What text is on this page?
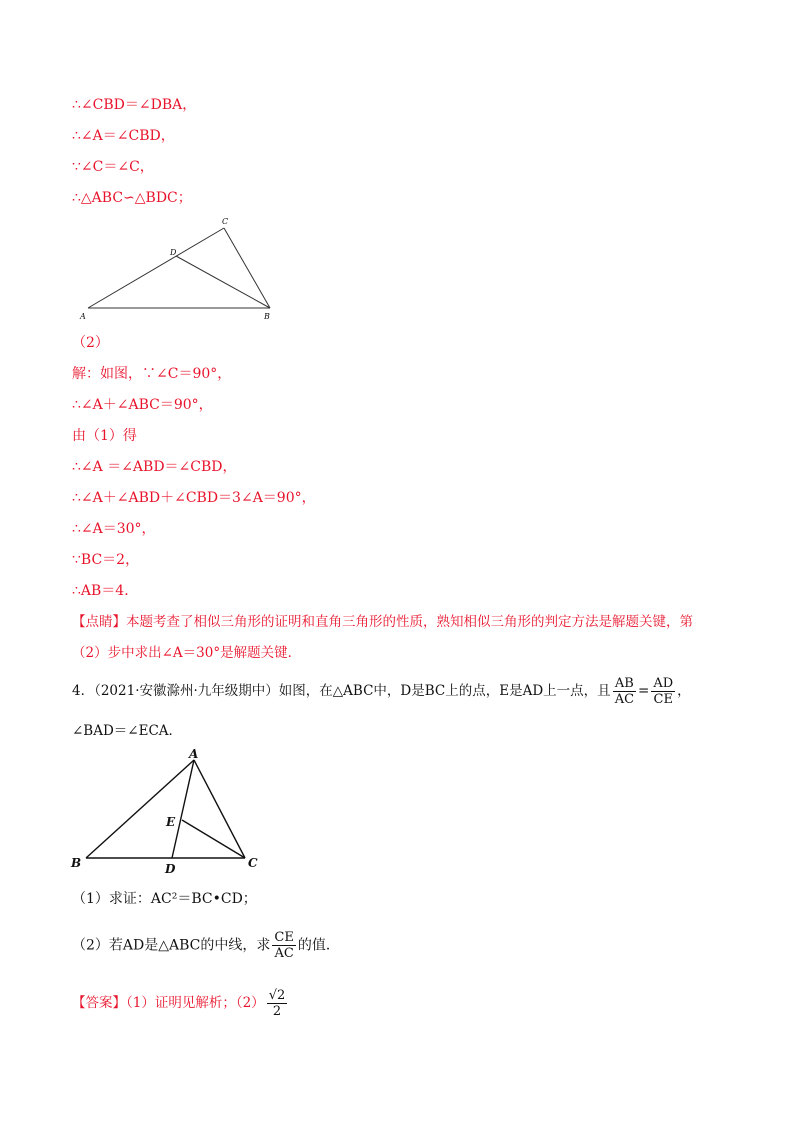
∴∠CBD＝∠DBA，
∴∠A＝∠CBD，
∵∠C＝∠C，
∴△ABC∽△BDC；
A	B
C
D
（2）
解：如图，∵∠C＝90°，
∴∠A＋∠ABC＝90°，
由（1）得
∴∠A ＝∠ABD＝∠CBD，
∴∠A＋∠ABD＋∠CBD＝3∠A＝90°，
∴∠A＝30°，
∵BC＝2，
∴AB＝4．
【点睛】本题考查了相似三角形的证明和直角三角形的性质，熟知相似三角形的判定方法是解题关键，第
（2）步中求出∠A＝30°是解题关键．
4．（2021·安徽滁州·九年级期中）如图，在△ABC中，D是BC上的点，E是AD上一点，且 $\frac{AB}{AC} = \frac{AD}{CE}$ ，
∠BAD＝∠ECA．
A
B	C
D
E
（1）求证：AC²＝BC•CD；
（2）若AD是△ABC的中线，求 $\frac{CE}{AC}$ 的值．
【答案】（1）证明见解析；$(2) \frac{√2}{2}$
